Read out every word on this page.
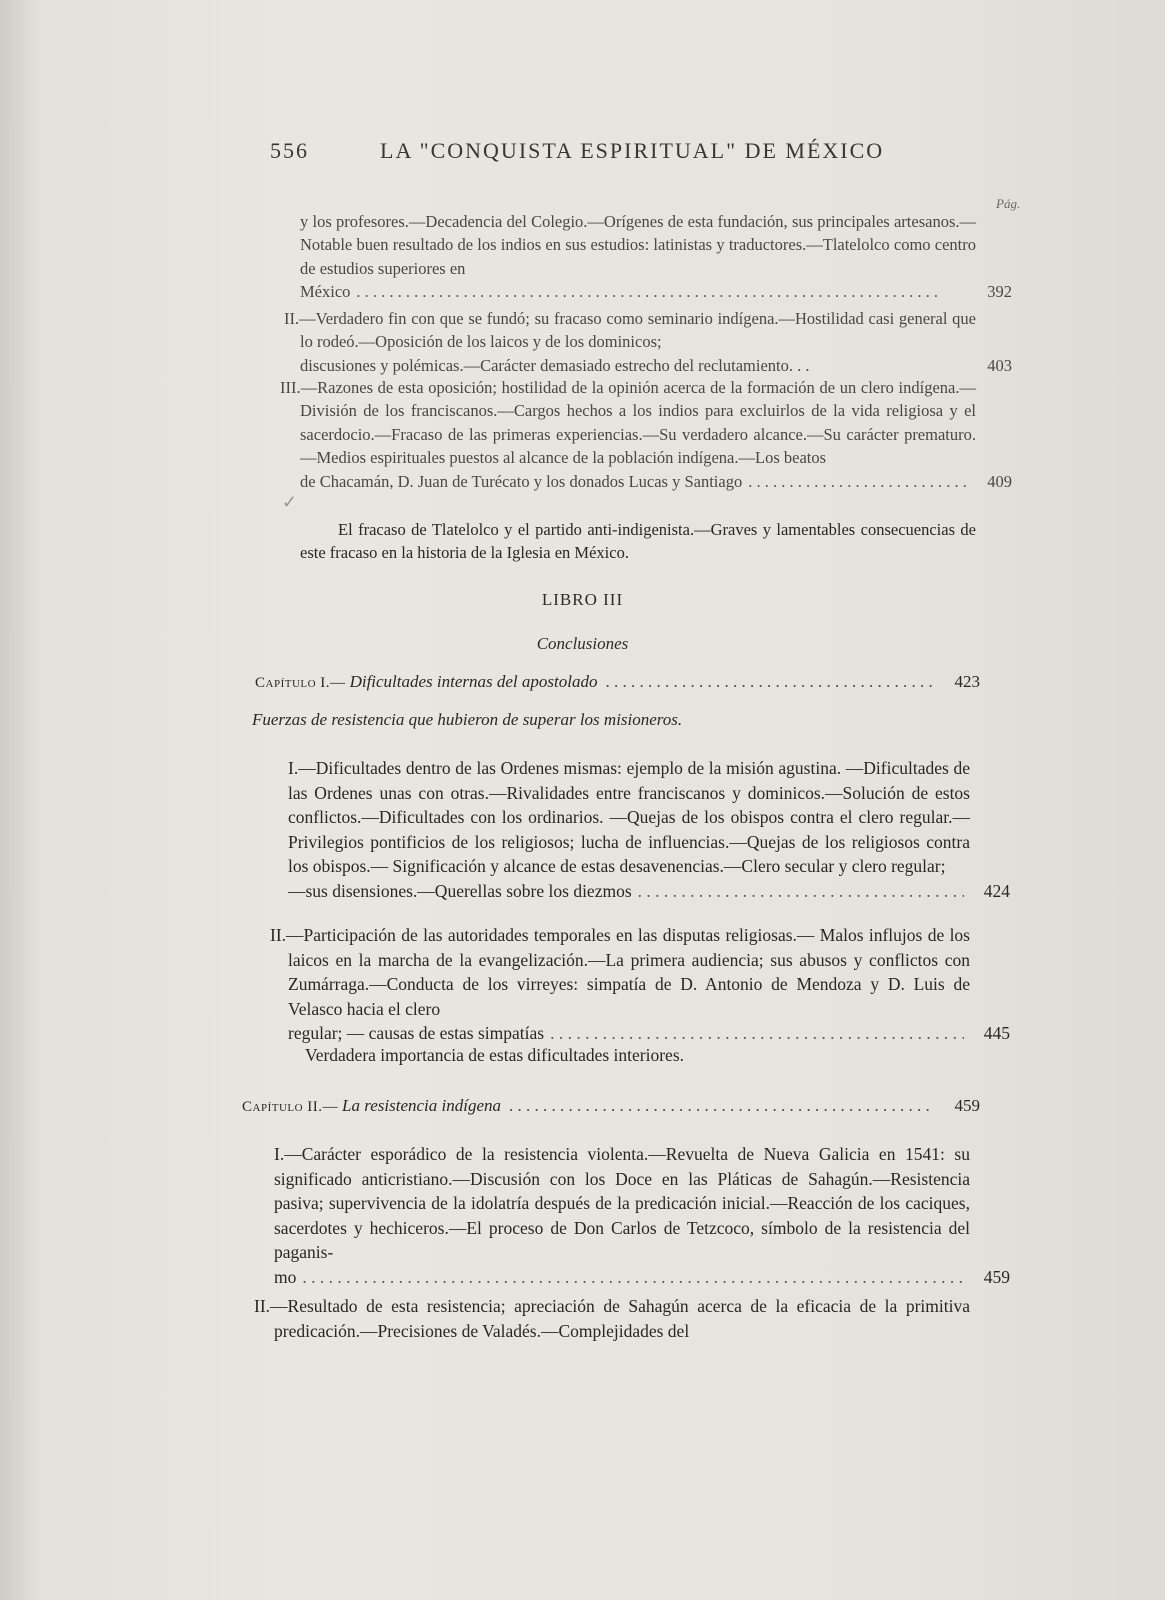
556	LA "CONQUISTA ESPIRITUAL" DE MÉXICO
Pág.
y los profesores.—Decadencia del Colegio.—Orígenes de esta fundación, sus principales artesanos.—Notable buen resultado de los indios en sus estudios: latinistas y traductores.—Tlatelolco como centro de estudios superiores en
México . . .	392
II.—Verdadero fin con que se fundó; su fracaso como seminario indígena.—Hostilidad casi general que lo rodeó.—Oposición de los laicos y de los dominicos;
discusiones y polémicas.—Carácter demasiado estrecho del reclutamiento. . .	403
III.—Razones de esta oposición; hostilidad de la opinión acerca de la formación de un clero indígena.—División de los franciscanos.—Cargos hechos a los indios para excluirlos de la vida religiosa y el sacerdocio.—Fracaso de las primeras experiencias.—Su verdadero alcance.—Su carácter prematuro.—Medios espirituales puestos al alcance de la población indígena.—Los beatos
de Chacamán, D. Juan de Turécato y los donados Lucas y Santiago . . .	409
✓
El fracaso de Tlatelolco y el partido anti-indigenista.—Graves y lamentables consecuencias de este fracaso en la historia de la Iglesia en México.
LIBRO III
Conclusiones
Capítulo I.— Dificultades internas del apostolado . . .	423
Fuerzas de resistencia que hubieron de superar los misioneros.
I.—Dificultades dentro de las Ordenes mismas: ejemplo de la misión agustina. —Dificultades de las Ordenes unas con otras.—Rivalidades entre franciscanos y dominicos.—Solución de estos conflictos.—Dificultades con los ordinarios. —Quejas de los obispos contra el clero regular.—Privilegios pontificios de los religiosos; lucha de influencias.—Quejas de los religiosos contra los obispos.— Significación y alcance de estas desavenencias.—Clero secular y clero regular;
—sus disensiones.—Querellas sobre los diezmos . . .	424
II.—Participación de las autoridades temporales en las disputas religiosas.— Malos influjos de los laicos en la marcha de la evangelización.—La primera audiencia; sus abusos y conflictos con Zumárraga.—Conducta de los virreyes: simpatía de D. Antonio de Mendoza y D. Luis de Velasco hacia el clero
regular; — causas de estas simpatías . . .	445
Verdadera importancia de estas dificultades interiores.
Capítulo II.— La resistencia indígena . . .	459
I.—Carácter esporádico de la resistencia violenta.—Revuelta de Nueva Galicia en 1541: su significado anticristiano.—Discusión con los Doce en las Pláticas de Sahagún.—Resistencia pasiva; supervivencia de la idolatría después de la predicación inicial.—Reacción de los caciques, sacerdotes y hechiceros.—El proceso de Don Carlos de Tetzcoco, símbolo de la resistencia del paganis-
mo . . .	459
II.—Resultado de esta resistencia; apreciación de Sahagún acerca de la eficacia de la primitiva predicación.—Precisiones de Valadés.—Complejidades del
